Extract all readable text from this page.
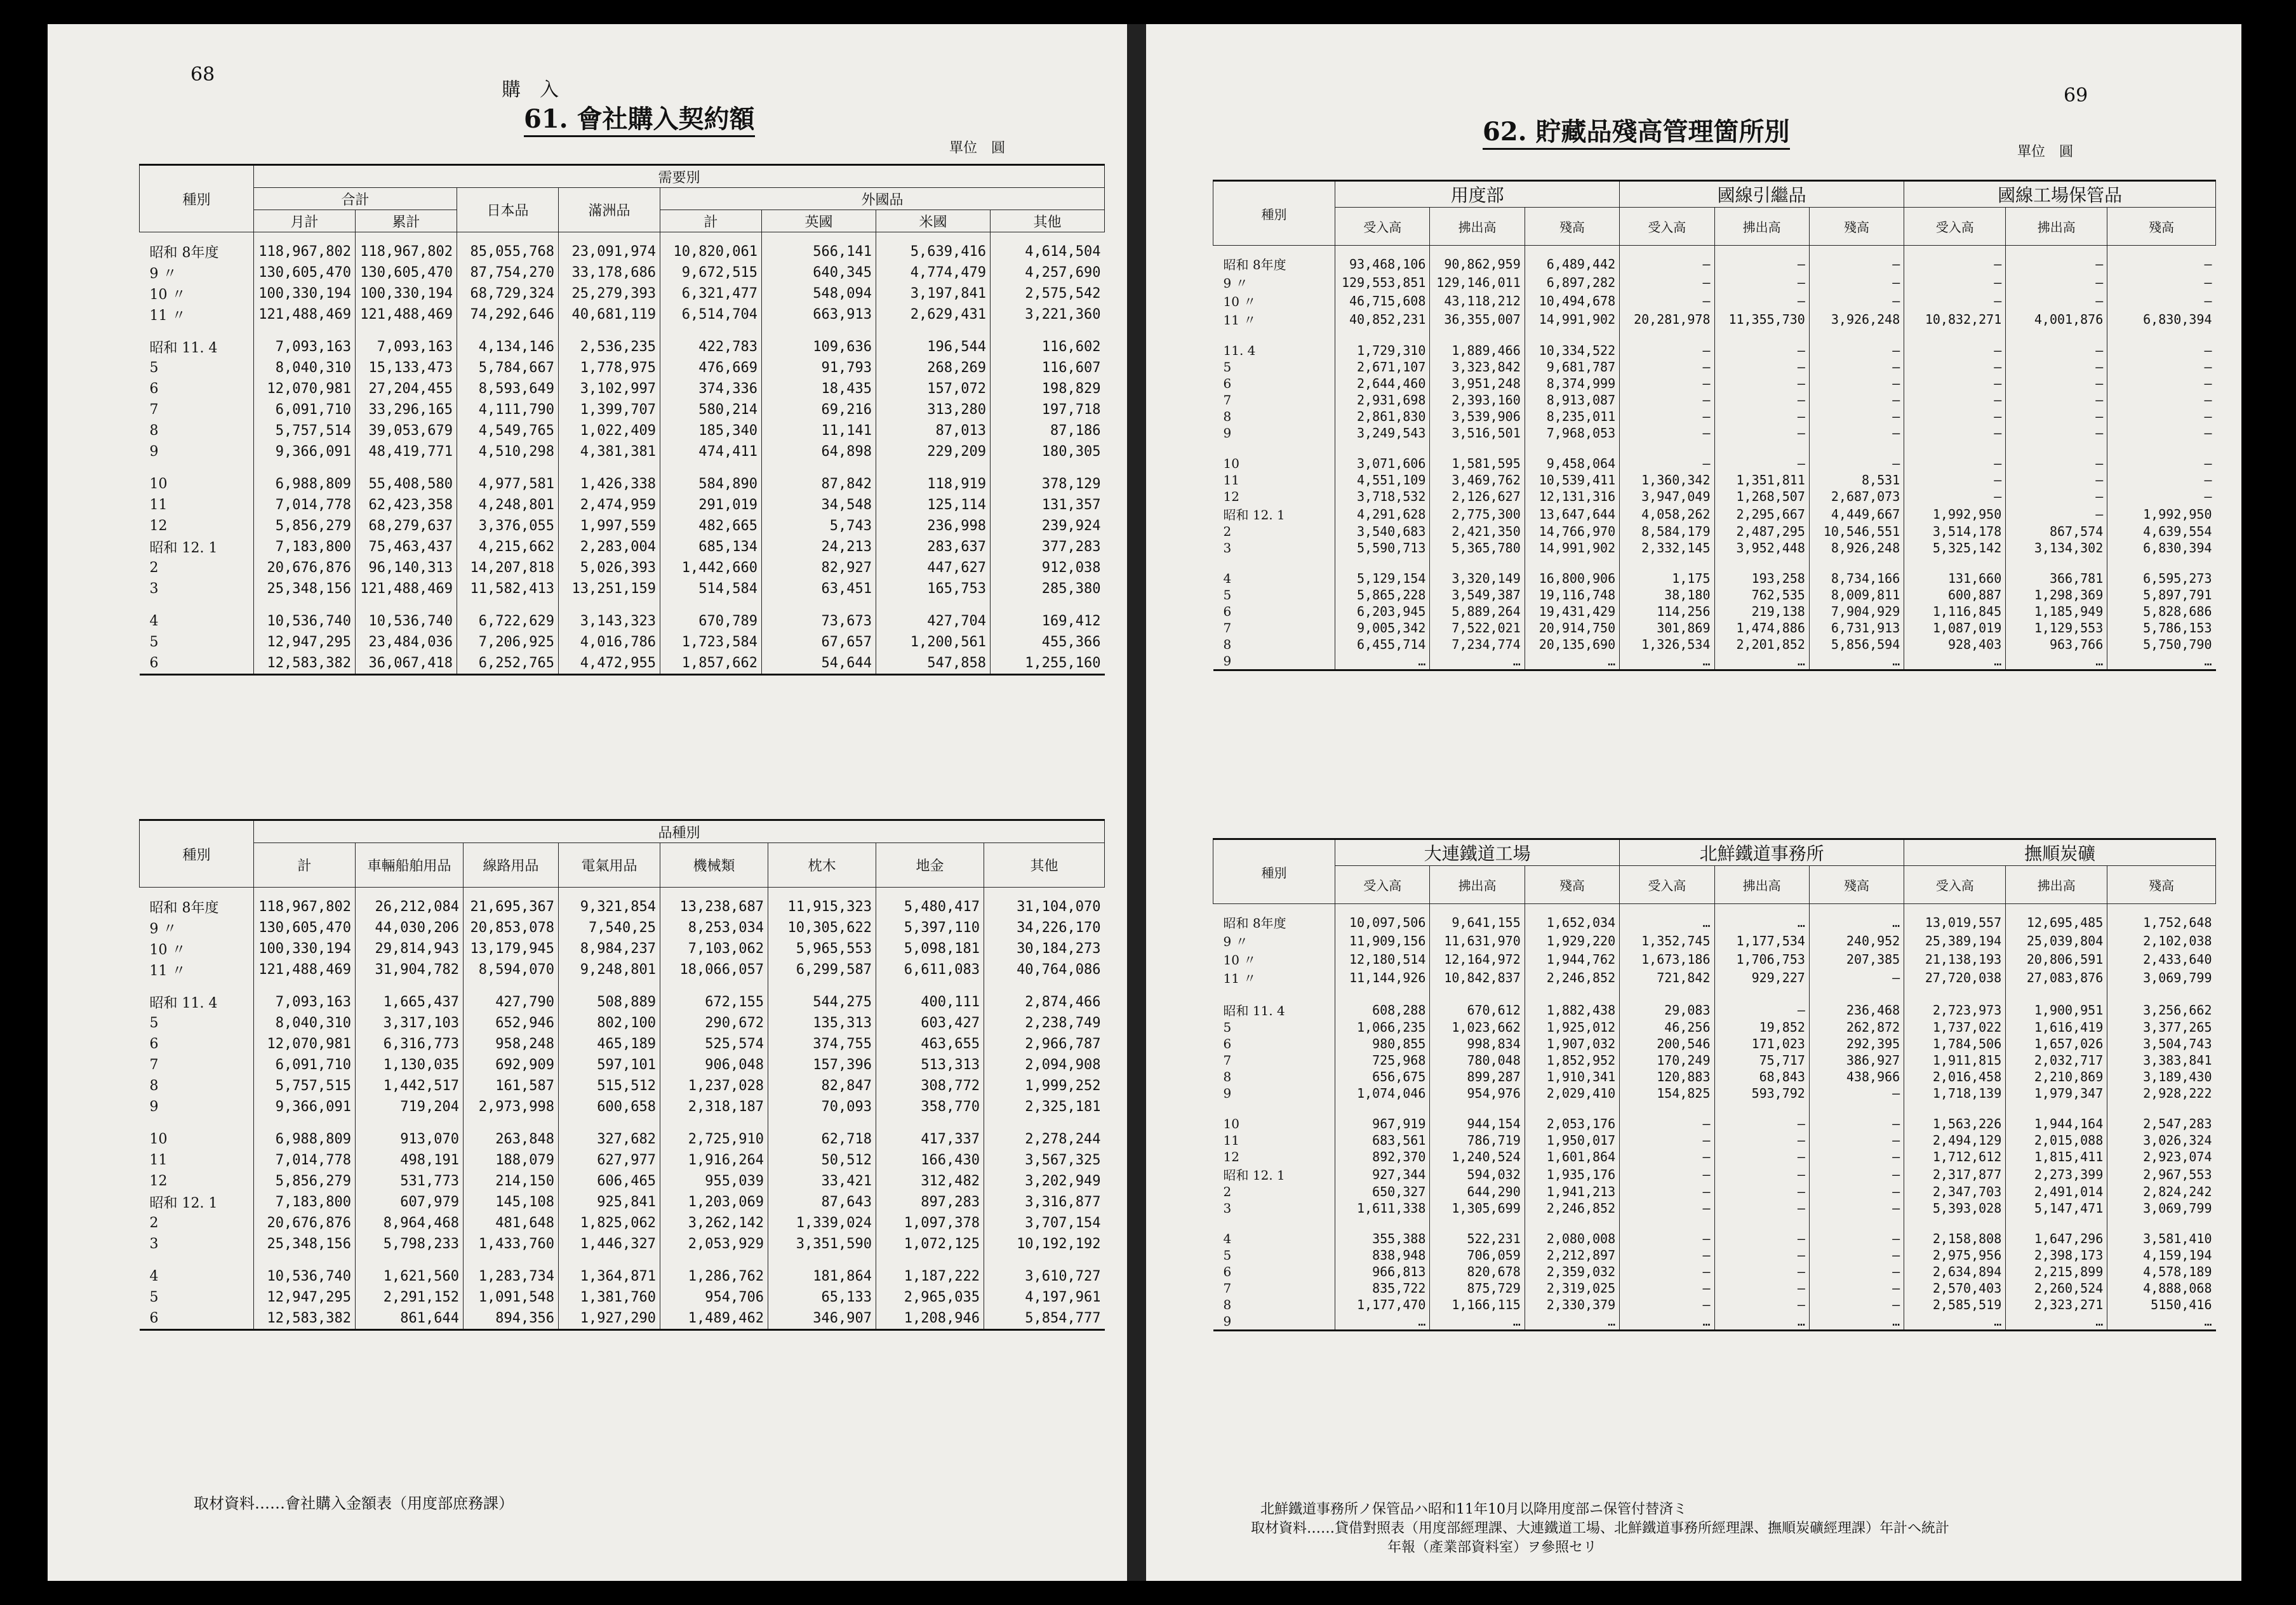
68
購　入
61. 會社購入契約額
單位　圓
種別	需要別							
	合計		日本品	滿洲品	外國品			
	月計	累計			計	英國	米國	其他
昭和 8年度	118,967,802	118,967,802	85,055,768	23,091,974	10,820,061	566,141	5,639,416	4,614,504
9 〃	130,605,470	130,605,470	87,754,270	33,178,686	9,672,515	640,345	4,774,479	4,257,690
10 〃	100,330,194	100,330,194	68,729,324	25,279,393	6,321,477	548,094	3,197,841	2,575,542
11 〃	121,488,469	121,488,469	74,292,646	40,681,119	6,514,704	663,913	2,629,431	3,221,360

昭和 11. 4	7,093,163	7,093,163	4,134,146	2,536,235	422,783	109,636	196,544	116,602
5	8,040,310	15,133,473	5,784,667	1,778,975	476,669	91,793	268,269	116,607
6	12,070,981	27,204,455	8,593,649	3,102,997	374,336	18,435	157,072	198,829
7	6,091,710	33,296,165	4,111,790	1,399,707	580,214	69,216	313,280	197,718
8	5,757,514	39,053,679	4,549,765	1,022,409	185,340	11,141	87,013	87,186
9	9,366,091	48,419,771	4,510,298	4,381,381	474,411	64,898	229,209	180,305

10	6,988,809	55,408,580	4,977,581	1,426,338	584,890	87,842	118,919	378,129
11	7,014,778	62,423,358	4,248,801	2,474,959	291,019	34,548	125,114	131,357
12	5,856,279	68,279,637	3,376,055	1,997,559	482,665	5,743	236,998	239,924
昭和 12. 1	7,183,800	75,463,437	4,215,662	2,283,004	685,134	24,213	283,637	377,283
2	20,676,876	96,140,313	14,207,818	5,026,393	1,442,660	82,927	447,627	912,038
3	25,348,156	121,488,469	11,582,413	13,251,159	514,584	63,451	165,753	285,380

4	10,536,740	10,536,740	6,722,629	3,143,323	670,789	73,673	427,704	169,412
5	12,947,295	23,484,036	7,206,925	4,016,786	1,723,584	67,657	1,200,561	455,366
6	12,583,382	36,067,418	6,252,765	4,472,955	1,857,662	54,644	547,858	1,255,160
種別	品種別							
	計	車輛船舶用品	線路用品	電氣用品	機械類	枕木	地金	其他
昭和 8年度	118,967,802	26,212,084	21,695,367	9,321,854	13,238,687	11,915,323	5,480,417	31,104,070
9 〃	130,605,470	44,030,206	20,853,078	7,540,25	8,253,034	10,305,622	5,397,110	34,226,170
10 〃	100,330,194	29,814,943	13,179,945	8,984,237	7,103,062	5,965,553	5,098,181	30,184,273
11 〃	121,488,469	31,904,782	8,594,070	9,248,801	18,066,057	6,299,587	6,611,083	40,764,086

昭和 11. 4	7,093,163	1,665,437	427,790	508,889	672,155	544,275	400,111	2,874,466
5	8,040,310	3,317,103	652,946	802,100	290,672	135,313	603,427	2,238,749
6	12,070,981	6,316,773	958,248	465,189	525,574	374,755	463,655	2,966,787
7	6,091,710	1,130,035	692,909	597,101	906,048	157,396	513,313	2,094,908
8	5,757,515	1,442,517	161,587	515,512	1,237,028	82,847	308,772	1,999,252
9	9,366,091	719,204	2,973,998	600,658	2,318,187	70,093	358,770	2,325,181

10	6,988,809	913,070	263,848	327,682	2,725,910	62,718	417,337	2,278,244
11	7,014,778	498,191	188,079	627,977	1,916,264	50,512	166,430	3,567,325
12	5,856,279	531,773	214,150	606,465	955,039	33,421	312,482	3,202,949
昭和 12. 1	7,183,800	607,979	145,108	925,841	1,203,069	87,643	897,283	3,316,877
2	20,676,876	8,964,468	481,648	1,825,062	3,262,142	1,339,024	1,097,378	3,707,154
3	25,348,156	5,798,233	1,433,760	1,446,327	2,053,929	3,351,590	1,072,125	10,192,192

4	10,536,740	1,621,560	1,283,734	1,364,871	1,286,762	181,864	1,187,222	3,610,727
5	12,947,295	2,291,152	1,091,548	1,381,760	954,706	65,133	2,965,035	4,197,961
6	12,583,382	861,644	894,356	1,927,290	1,489,462	346,907	1,208,946	5,854,777
取材資料……會社購入金額表（用度部庶務課）
69
62. 貯藏品殘高管理箇所別
單位　圓
種別	用度部			國線引繼品			國線工場保管品		
	受入高	拂出高	殘高	受入高	拂出高	殘高	受入高	拂出高	殘高
昭和 8年度	93,468,106	90,862,959	6,489,442	—	—	—	—	—	—
9 〃	129,553,851	129,146,011	6,897,282	—	—	—	—	—	—
10 〃	46,715,608	43,118,212	10,494,678	—	—	—	—	—	—
11 〃	40,852,231	36,355,007	14,991,902	20,281,978	11,355,730	3,926,248	10,832,271	4,001,876	6,830,394

11. 4	1,729,310	1,889,466	10,334,522	—	—	—	—	—	—
5	2,671,107	3,323,842	9,681,787	—	—	—	—	—	—
6	2,644,460	3,951,248	8,374,999	—	—	—	—	—	—
7	2,931,698	2,393,160	8,913,087	—	—	—	—	—	—
8	2,861,830	3,539,906	8,235,011	—	—	—	—	—	—
9	3,249,543	3,516,501	7,968,053	—	—	—	—	—	—

10	3,071,606	1,581,595	9,458,064	—	—	—	—	—	—
11	4,551,109	3,469,762	10,539,411	1,360,342	1,351,811	8,531	—	—	—
12	3,718,532	2,126,627	12,131,316	3,947,049	1,268,507	2,687,073	—	—	—
昭和 12. 1	4,291,628	2,775,300	13,647,644	4,058,262	2,295,667	4,449,667	1,992,950	—	1,992,950
2	3,540,683	2,421,350	14,766,970	8,584,179	2,487,295	10,546,551	3,514,178	867,574	4,639,554
3	5,590,713	5,365,780	14,991,902	2,332,145	3,952,448	8,926,248	5,325,142	3,134,302	6,830,394

4	5,129,154	3,320,149	16,800,906	1,175	193,258	8,734,166	131,660	366,781	6,595,273
5	5,865,228	3,549,387	19,116,748	38,180	762,535	8,009,811	600,887	1,298,369	5,897,791
6	6,203,945	5,889,264	19,431,429	114,256	219,138	7,904,929	1,116,845	1,185,949	5,828,686
7	9,005,342	7,522,021	20,914,750	301,869	1,474,886	6,731,913	1,087,019	1,129,553	5,786,153
8	6,455,714	7,234,774	20,135,690	1,326,534	2,201,852	5,856,594	928,403	963,766	5,750,790
9	…	…	…	…	…	…	…	…	…
種別	大連鐵道工場			北鮮鐵道事務所			撫順炭礦		
	受入高	拂出高	殘高	受入高	拂出高	殘高	受入高	拂出高	殘高
昭和 8年度	10,097,506	9,641,155	1,652,034	…	…	…	13,019,557	12,695,485	1,752,648
9 〃	11,909,156	11,631,970	1,929,220	1,352,745	1,177,534	240,952	25,389,194	25,039,804	2,102,038
10 〃	12,180,514	12,164,972	1,944,762	1,673,186	1,706,753	207,385	21,138,193	20,806,591	2,433,640
11 〃	11,144,926	10,842,837	2,246,852	721,842	929,227	—	27,720,038	27,083,876	3,069,799

昭和 11. 4	608,288	670,612	1,882,438	29,083	—	236,468	2,723,973	1,900,951	3,256,662
5	1,066,235	1,023,662	1,925,012	46,256	19,852	262,872	1,737,022	1,616,419	3,377,265
6	980,855	998,834	1,907,032	200,546	171,023	292,395	1,784,506	1,657,026	3,504,743
7	725,968	780,048	1,852,952	170,249	75,717	386,927	1,911,815	2,032,717	3,383,841
8	656,675	899,287	1,910,341	120,883	68,843	438,966	2,016,458	2,210,869	3,189,430
9	1,074,046	954,976	2,029,410	154,825	593,792	—	1,718,139	1,979,347	2,928,222

10	967,919	944,154	2,053,176	—	—	—	1,563,226	1,944,164	2,547,283
11	683,561	786,719	1,950,017	—	—	—	2,494,129	2,015,088	3,026,324
12	892,370	1,240,524	1,601,864	—	—	—	1,712,612	1,815,411	2,923,074
昭和 12. 1	927,344	594,032	1,935,176	—	—	—	2,317,877	2,273,399	2,967,553
2	650,327	644,290	1,941,213	—	—	—	2,347,703	2,491,014	2,824,242
3	1,611,338	1,305,699	2,246,852	—	—	—	5,393,028	5,147,471	3,069,799

4	355,388	522,231	2,080,008	—	—	—	2,158,808	1,647,296	3,581,410
5	838,948	706,059	2,212,897	—	—	—	2,975,956	2,398,173	4,159,194
6	966,813	820,678	2,359,032	—	—	—	2,634,894	2,215,899	4,578,189
7	835,722	875,729	2,319,025	—	—	—	2,570,403	2,260,524	4,888,068
8	1,177,470	1,166,115	2,330,379	—	—	—	2,585,519	2,323,271	5150,416
9	…	…	…	…	…	…	…	…	…
北鮮鐵道事務所ノ保管品ハ昭和11年10月以降用度部ニ保管付替済ミ
取材資料……貸借對照表（用度部經理課、大連鐵道工場、北鮮鐵道事務所經理課、撫順炭礦經理課）年計ヘ統計
年報（產業部資料室）ヲ參照セリ
